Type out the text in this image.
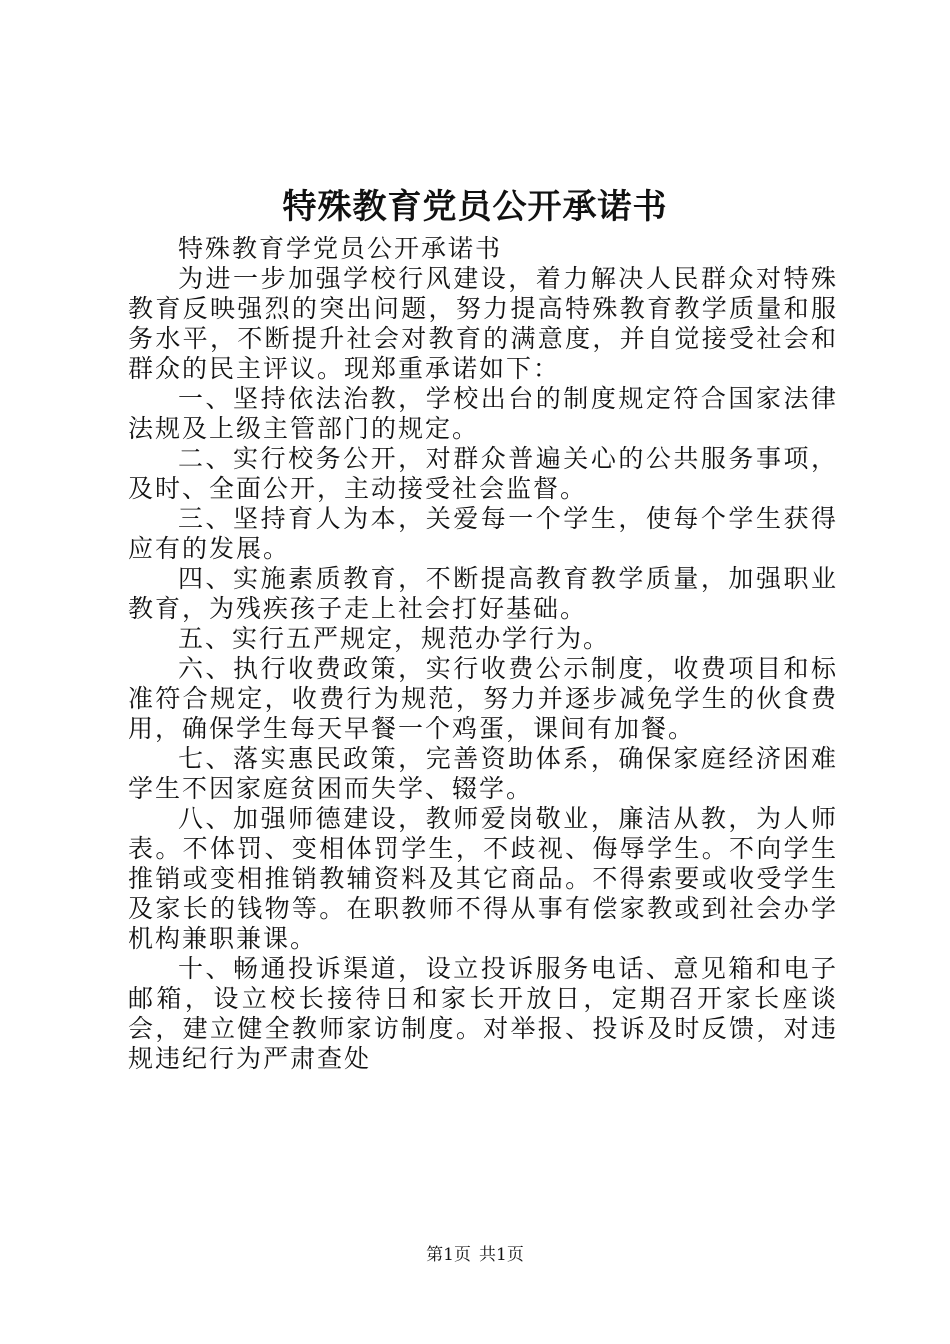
特殊教育党员公开承诺书

特殊教育学党员公开承诺书

为进一步加强学校行风建设，着力解决人民群众对特殊教育反映强烈的突出问题，努力提高特殊教育教学质量和服务水平，不断提升社会对教育的满意度，并自觉接受社会和群众的民主评议。现郑重承诺如下：

一、坚持依法治教，学校出台的制度规定符合国家法律法规及上级主管部门的规定。

二、实行校务公开，对群众普遍关心的公共服务事项，及时、全面公开，主动接受社会监督。

三、坚持育人为本，关爱每一个学生，使每个学生获得应有的发展。

四、实施素质教育，不断提高教育教学质量，加强职业教育，为残疾孩子走上社会打好基础。

五、实行五严规定，规范办学行为。

六、执行收费政策，实行收费公示制度，收费项目和标准符合规定，收费行为规范，努力并逐步减免学生的伙食费用，确保学生每天早餐一个鸡蛋，课间有加餐。

七、落实惠民政策，完善资助体系，确保家庭经济困难学生不因家庭贫困而失学、辍学。

八、加强师德建设，教师爱岗敬业，廉洁从教，为人师表。不体罚、变相体罚学生，不歧视、侮辱学生。不向学生推销或变相推销教辅资料及其它商品。不得索要或收受学生及家长的钱物等。在职教师不得从事有偿家教或到社会办学机构兼职兼课。

十、畅通投诉渠道，设立投诉服务电话、意见箱和电子邮箱，设立校长接待日和家长开放日，定期召开家长座谈会，建立健全教师家访制度。对举报、投诉及时反馈，对违规违纪行为严肃查处

第1页 共1页
